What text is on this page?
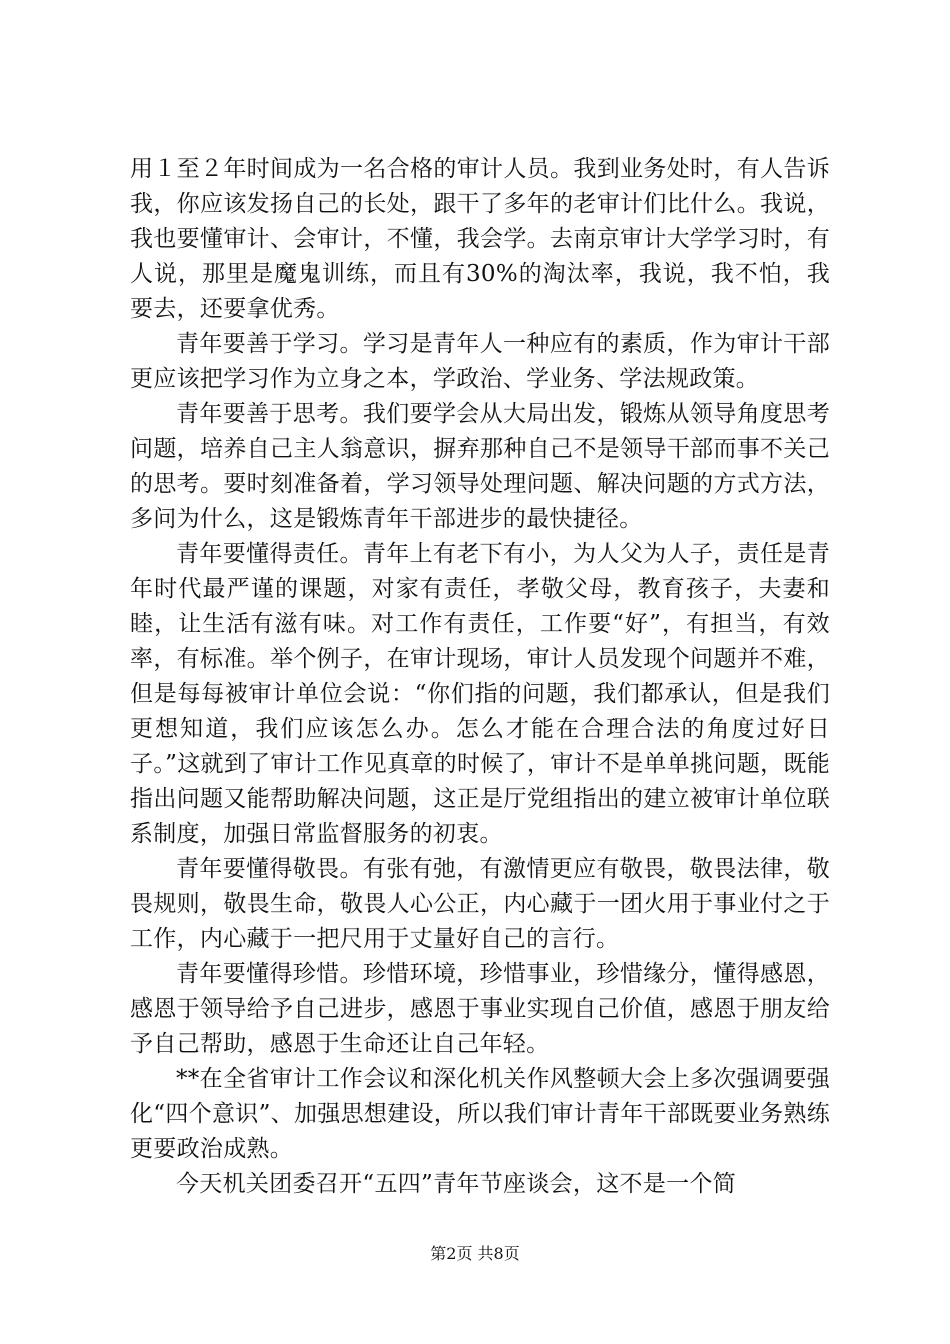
用１至２年时间成为一名合格的审计人员。我到业务处时，有人告诉我，你应该发扬自己的长处，跟干了多年的老审计们比什么。我说，我也要懂审计、会审计，不懂，我会学。去南京审计大学学习时，有人说，那里是魔鬼训练，而且有30%的淘汰率，我说，我不怕，我要去，还要拿优秀。

青年要善于学习。学习是青年人一种应有的素质，作为审计干部更应该把学习作为立身之本，学政治、学业务、学法规政策。

青年要善于思考。我们要学会从大局出发，锻炼从领导角度思考问题，培养自己主人翁意识，摒弃那种自己不是领导干部而事不关己的思考。要时刻准备着，学习领导处理问题、解决问题的方式方法，多问为什么，这是锻炼青年干部进步的最快捷径。

青年要懂得责任。青年上有老下有小，为人父为人子，责任是青年时代最严谨的课题，对家有责任，孝敬父母，教育孩子，夫妻和睦，让生活有滋有味。对工作有责任，工作要“好”，有担当，有效率，有标准。举个例子，在审计现场，审计人员发现个问题并不难，但是每每被审计单位会说：“你们指的问题，我们都承认，但是我们更想知道，我们应该怎么办。怎么才能在合理合法的角度过好日子。”这就到了审计工作见真章的时候了，审计不是单单挑问题，既能指出问题又能帮助解决问题，这正是厅党组指出的建立被审计单位联系制度，加强日常监督服务的初衷。

青年要懂得敬畏。有张有弛，有激情更应有敬畏，敬畏法律，敬畏规则，敬畏生命，敬畏人心公正，内心藏于一团火用于事业付之于工作，内心藏于一把尺用于丈量好自己的言行。

青年要懂得珍惜。珍惜环境，珍惜事业，珍惜缘分，懂得感恩，感恩于领导给予自己进步，感恩于事业实现自己价值，感恩于朋友给予自己帮助，感恩于生命还让自己年轻。

**在全省审计工作会议和深化机关作风整顿大会上多次强调要强化“四个意识”、加强思想建设，所以我们审计青年干部既要业务熟练更要政治成熟。

今天机关团委召开“五四”青年节座谈会，这不是一个简

第2页 共8页
